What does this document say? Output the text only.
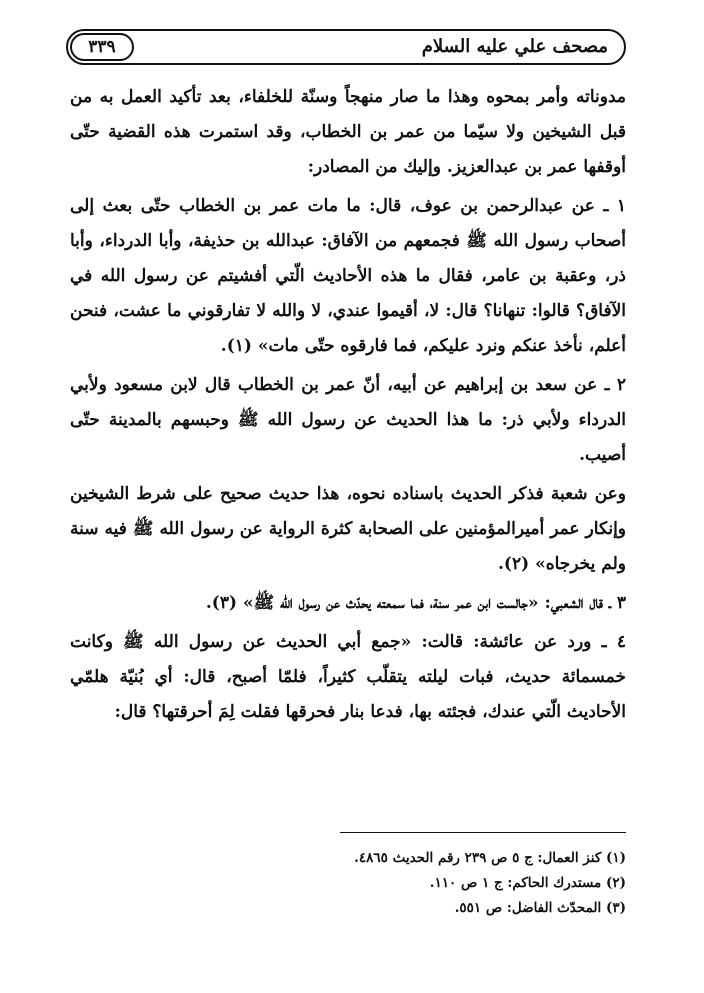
مصحف علي عليه السلام
٣٣٩

مدوناته وأمر بمحوه وهذا ما صار منهجاً وسنّة للخلفاء، بعد تأكيد العمل به من قبل الشيخين ولا سيّما من عمر بن الخطاب، وقد استمرت هذه القضية حتّى أوقفها عمر بن عبدالعزيز. وإليك من المصادر:

١ ـ عن عبدالرحمن بن عوف، قال: ما مات عمر بن الخطاب حتّى بعث إلى أصحاب رسول الله ﷺ فجمعهم من الآفاق: عبدالله بن حذيفة، وأبا الدرداء، وأبا ذر، وعقبة بن عامر، فقال ما هذه الأحاديث الّتي أفشيتم عن رسول الله في الآفاق؟ قالوا: تنهانا؟ قال: لا، أقيموا عندي، لا والله لا تفارقوني ما عشت، فنحن أعلم، نأخذ عنكم ونرد عليكم، فما فارقوه حتّى مات» (١).

٢ ـ عن سعد بن إبراهيم عن أبيه، أنّ عمر بن الخطاب قال لابن مسعود ولأبي الدرداء ولأبي ذر: ما هذا الحديث عن رسول الله ﷺ وحبسهم بالمدينة حتّى أصيب.

وعن شعبة فذكر الحديث باسناده نحوه، هذا حديث صحيح على شرط الشيخين وإنكار عمر أميرالمؤمنين على الصحابة كثرة الرواية عن رسول الله ﷺ فيه سنة ولم يخرجاه» (٢).

٣ ـ قال الشعبي: «جالست ابن عمر سنة، فما سمعته يحدّث عن رسول الله ﷺ» (٣).

٤ ـ ورد عن عائشة: قالت: «جمع أبي الحديث عن رسول الله ﷺ وكانت خمسمائة حديث، فبات ليلته يتقلّب كثيراً، فلمّا أصبح، قال: أي بُنيّة هلمّي الأحاديث الّتي عندك، فجئته بها، فدعا بنار فحرقها فقلت لِمَ أحرقتها؟ قال:

(١) كنز العمال: ج ٥ ص ٢٣٩ رقم الحديث ٤٨٦٥.

(٢) مستدرك الحاكم: ج ١ ص ١١٠.

(٣) المحدّث الفاضل: ص ٥٥١.
